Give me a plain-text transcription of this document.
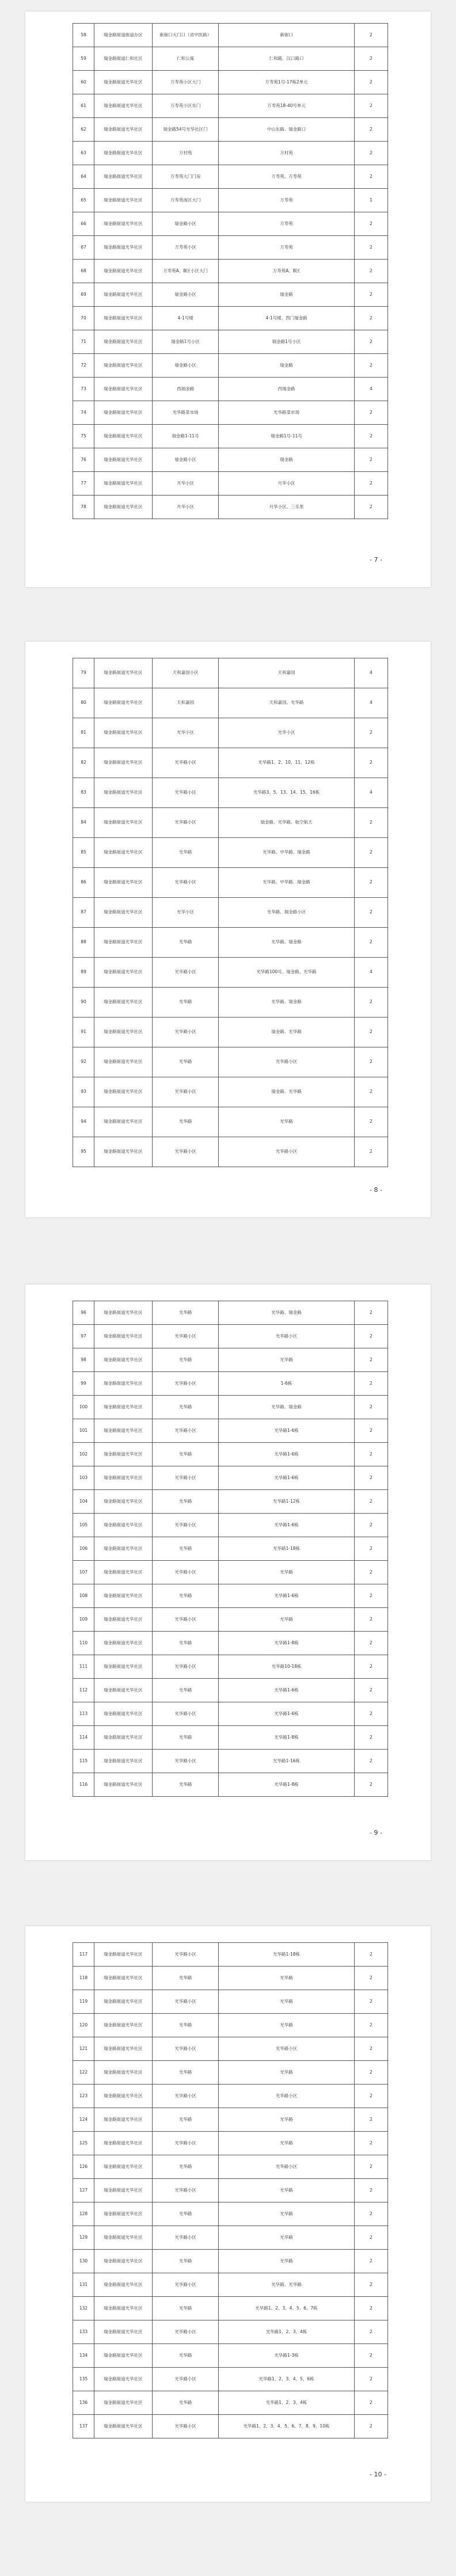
58	瑞金路街道街道办区	新街口大门口（省中医路）	新街口	2
59	瑞金路街道仁和社区	仁和公寓	仁和路、汉口路口	2
60	瑞金路街道光华社区	万寿苑小区大门	万寿苑1号-17栋2单元	2
61	瑞金路街道光华社区	万寿苑小区东门	万寿苑18-40号单元	2
62	瑞金路街道光华社区	瑞金路54号光华社区门	中山东路、瑞金路口	2
63	瑞金路街道光华社区	万村苑	万村苑	2
64	瑞金路街道光华社区	万寿苑大门门房	万寿苑、万寿苑	2
65	瑞金路街道光华社区	万寿苑南区大门	万寿苑	1
66	瑞金路街道光华社区	瑞金路小区	万寿苑	2
67	瑞金路街道光华社区	万寿苑小区	万寿苑	2
68	瑞金路街道光华社区	万寿苑A、B区小区大门	万寿苑A、B区	2
69	瑞金路街道光华社区	瑞金路小区	瑞金路	2
70	瑞金路街道光华社区	4-1号楼	4-1号楼、西门瑞金路	2
71	瑞金路街道光华社区	瑞金路1号小区	瑞金路1号小区	2
72	瑞金路街道光华社区	瑞金路小区	瑞金路	2
73	瑞金路街道光华社区	西瑞金路	西瑞金路	4
74	瑞金路街道光华社区	光华路菜市场	光华路菜市场	2
75	瑞金路街道光华社区	瑞金路1-11号	瑞金路1号-11号	2
76	瑞金路街道光华社区	瑞金路小区	瑞金路	2
77	瑞金路街道光华社区	月华小区	月华小区	2
78	瑞金路街道光华社区	月华小区	月华小区、三乐里	2
- 7 -
79	瑞金路街道光华社区	天和嘉园小区	天和嘉园	4
80	瑞金路街道光华社区	天和嘉园	天和嘉园、光华路	4
81	瑞金路街道光华社区	光华小区	光华小区	2
82	瑞金路街道光华社区	光华路小区	光华路1、2、10、11、12栋	2
83	瑞金路街道光华社区	光华路小区	光华路3、5、13、14、15、16栋	4
84	瑞金路街道光华社区	光华路小区	瑞金路、光华路、航空航天	2
85	瑞金路街道光华社区	光华路	光华路、中华路、瑞金路	2
86	瑞金路街道光华社区	光华路小区	光华路、中华路、瑞金路	2
87	瑞金路街道光华社区	光华小区	光华路、瑞金路小区	2
88	瑞金路街道光华社区	光华路	光华路、瑞金路	2
89	瑞金路街道光华社区	光华路小区	光华路100号、瑞金路、光华路	4
90	瑞金路街道光华社区	光华路	光华路、瑞金路	2
91	瑞金路街道光华社区	光华路小区	瑞金路、光华路	2
92	瑞金路街道光华社区	光华路	光华路小区	2
93	瑞金路街道光华社区	光华路小区	瑞金路、光华路	2
94	瑞金路街道光华社区	光华路	光华路	2
95	瑞金路街道光华社区	光华路小区	光华路小区	2
- 8 -
96	瑞金路街道光华社区	光华路	光华路、瑞金路	2
97	瑞金路街道光华社区	光华路小区	光华路小区	2
98	瑞金路街道光华社区	光华路	光华路	2
99	瑞金路街道光华社区	光华路小区	1-6栋	2
100	瑞金路街道光华社区	光华路	光华路、瑞金路	2
101	瑞金路街道光华社区	光华路小区	光华路1-6栋	2
102	瑞金路街道光华社区	光华路	光华路1-6栋	2
103	瑞金路街道光华社区	光华路小区	光华路1-6栋	2
104	瑞金路街道光华社区	光华路	光华路1-12栋	2
105	瑞金路街道光华社区	光华路小区	光华路1-6栋	2
106	瑞金路街道光华社区	光华路	光华路1-18栋	2
107	瑞金路街道光华社区	光华路小区	光华路	2
108	瑞金路街道光华社区	光华路	光华路1-6栋	2
109	瑞金路街道光华社区	光华路小区	光华路	2
110	瑞金路街道光华社区	光华路	光华路1-8栋	2
111	瑞金路街道光华社区	光华路小区	光华路10-18栋	2
112	瑞金路街道光华社区	光华路	光华路1-6栋	2
113	瑞金路街道光华社区	光华路小区	光华路1-6栋	2
114	瑞金路街道光华社区	光华路	光华路1-8栋	2
115	瑞金路街道光华社区	光华路小区	光华路1-16栋	2
116	瑞金路街道光华社区	光华路	光华路1-8栋	2
- 9 -
117	瑞金路街道光华社区	光华路小区	光华路1-18栋	2
118	瑞金路街道光华社区	光华路	光华路	2
119	瑞金路街道光华社区	光华路小区	光华路	2
120	瑞金路街道光华社区	光华路	光华路	2
121	瑞金路街道光华社区	光华路小区	光华路小区	2
122	瑞金路街道光华社区	光华路	光华路	2
123	瑞金路街道光华社区	光华路小区	光华路小区	2
124	瑞金路街道光华社区	光华路	光华路	2
125	瑞金路街道光华社区	光华路小区	光华路	2
126	瑞金路街道光华社区	光华路	光华路小区	2
127	瑞金路街道光华社区	光华路小区	光华路	2
128	瑞金路街道光华社区	光华路	光华路	2
129	瑞金路街道光华社区	光华路小区	光华路	2
130	瑞金路街道光华社区	光华路	光华路	2
131	瑞金路街道光华社区	光华路小区	光华路、光华路	2
132	瑞金路街道光华社区	光华路	光华路1、2、3、4、5、6、7栋	2
133	瑞金路街道光华社区	光华路小区	光华路1、2、3、4栋	2
134	瑞金路街道光华社区	光华路	光华路1-3栋	2
135	瑞金路街道光华社区	光华路小区	光华路1、2、3、4、5、6栋	2
136	瑞金路街道光华社区	光华路	光华路1、2、3、4栋	2
137	瑞金路街道光华社区	光华路小区	光华路1、2、3、4、5、6、7、8、9、10栋	2
- 10 -
